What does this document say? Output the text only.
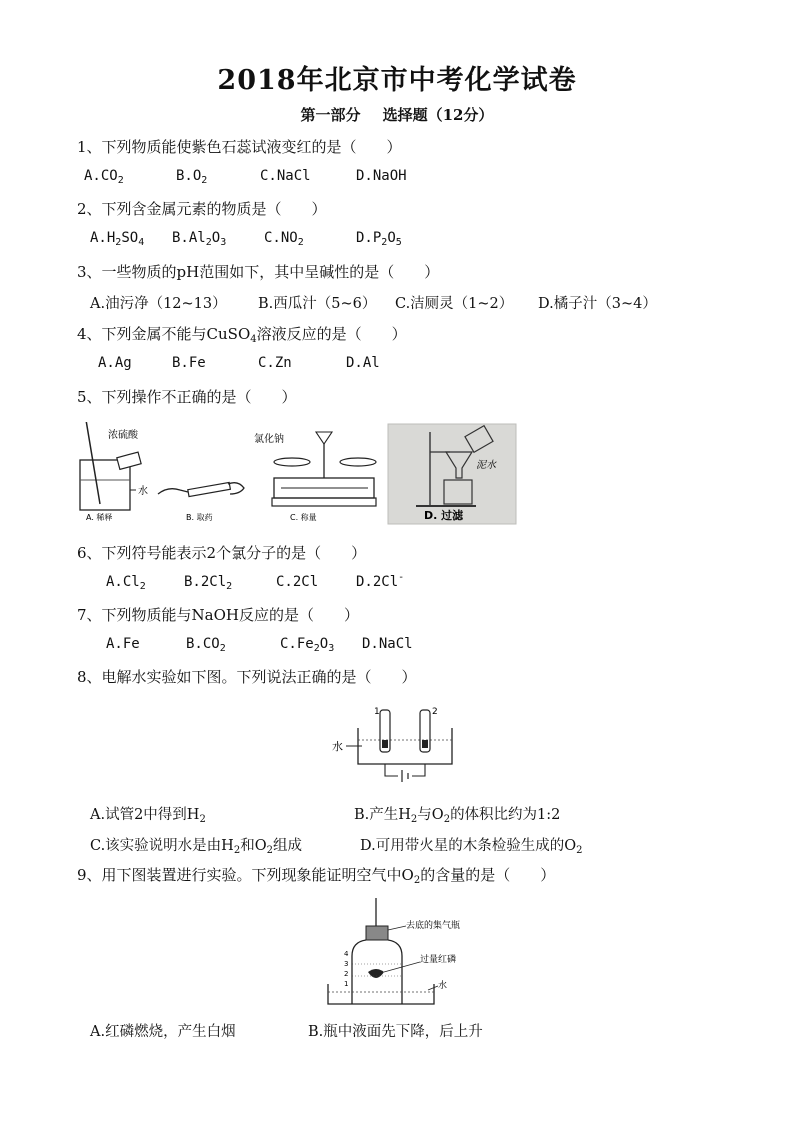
2018年北京市中考化学试卷
第一部分 选择题（12分）
1、下列物质能使紫色石蕊试液变红的是（　　）
$A.CO_2$	$B.O_2$	C.NaCl	D.NaOH
2、下列含金属元素的物质是（　　）
$A.H_2SO_4$ $B.Al_2O_3$	$C.NO_2$	$D.P_2O_5$
3、一些物质的pH范围如下，其中呈碱性的是（　　）
A.油污净（12~13） B.西瓜汁（5~6） C.洁厕灵（1~2） D.橘子汁（3~4）
4、下列金属不能与CuSO$_4$溶液反应的是（　　）
A.Ag	B.Fe	C.Zn	D.Al
5、下列操作不正确的是（　　）
浓硫酸
水
A. 稀释	B. 取药
氯化钠
C. 称量
泥水
D. 过滤
6、下列符号能表示2个氯分子的是（　　）
$A.Cl_2$	$B.2Cl_2$	C.2Cl	D.2Cl-
7、下列物质能与NaOH反应的是（　　）
A.Fe	$B.CO_2$	$C.Fe_2O_3$ D.NaCl
8、电解水实验如下图。下列说法正确的是（　　）
水
1	2
A.试管2中得到$H_2$	B.产生$H_2$与$O_2$的体积比约为1:2
C.该实验说明水是由$H_2$和$O_2$组成	D.可用带火星的木条检验生成的$O_2$
9、用下图装置进行实验。下列现象能证明空气中$O_2$的含量的是（　　）
4
3
2
1
去底的集气瓶
过量红磷
水
A.红磷燃烧，产生白烟	B.瓶中液面先下降，后上升
